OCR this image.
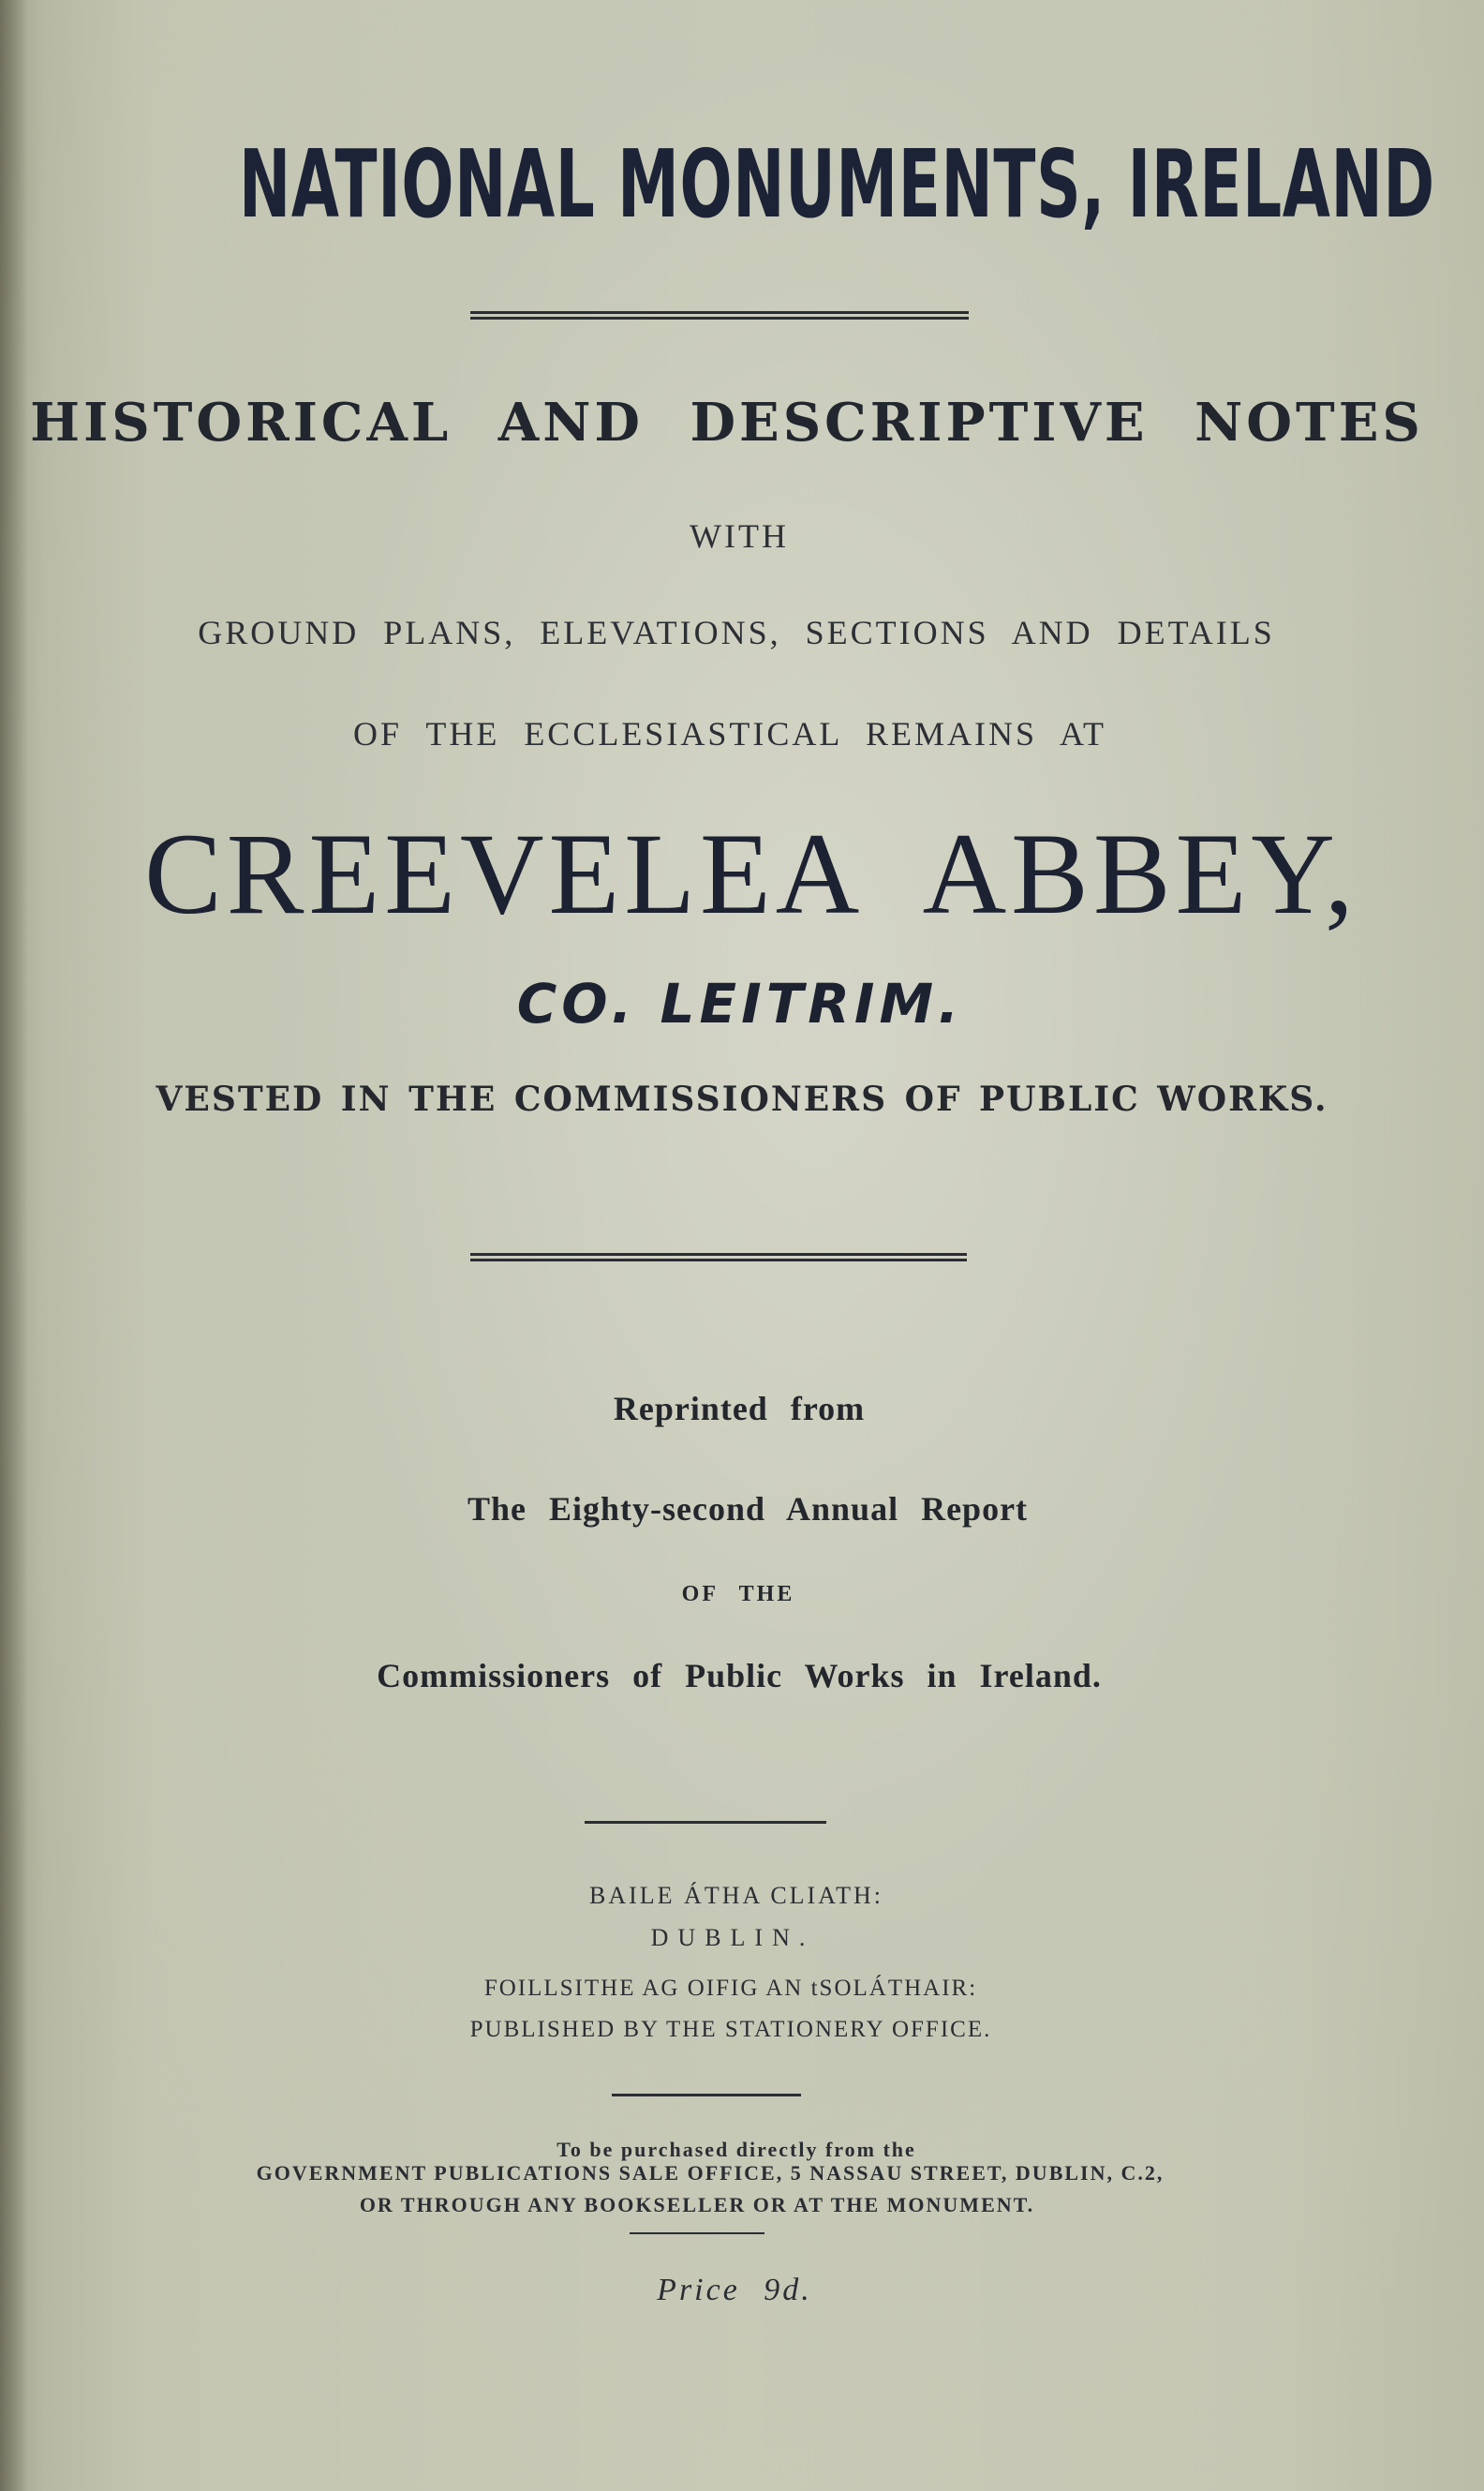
NATIONAL MONUMENTS, IRELAND

HISTORICAL AND DESCRIPTIVE NOTES

WITH

GROUND PLANS, ELEVATIONS, SECTIONS AND DETAILS

OF THE ECCLESIASTICAL REMAINS AT

CREEVELEA ABBEY,

CO. LEITRIM.

VESTED IN THE COMMISSIONERS OF PUBLIC WORKS.

Reprinted from

The Eighty-second Annual Report

OF THE

Commissioners of Public Works in Ireland.

BAILE ÁTHA CLIATH:

DUBLIN.

FOILLSITHE AG OIFIG AN tSOLÁTHAIR:

PUBLISHED BY THE STATIONERY OFFICE.

To be purchased directly from the

GOVERNMENT PUBLICATIONS SALE OFFICE, 5 NASSAU STREET, DUBLIN, C.2,

OR THROUGH ANY BOOKSELLER OR AT THE MONUMENT.

Price 9d.
